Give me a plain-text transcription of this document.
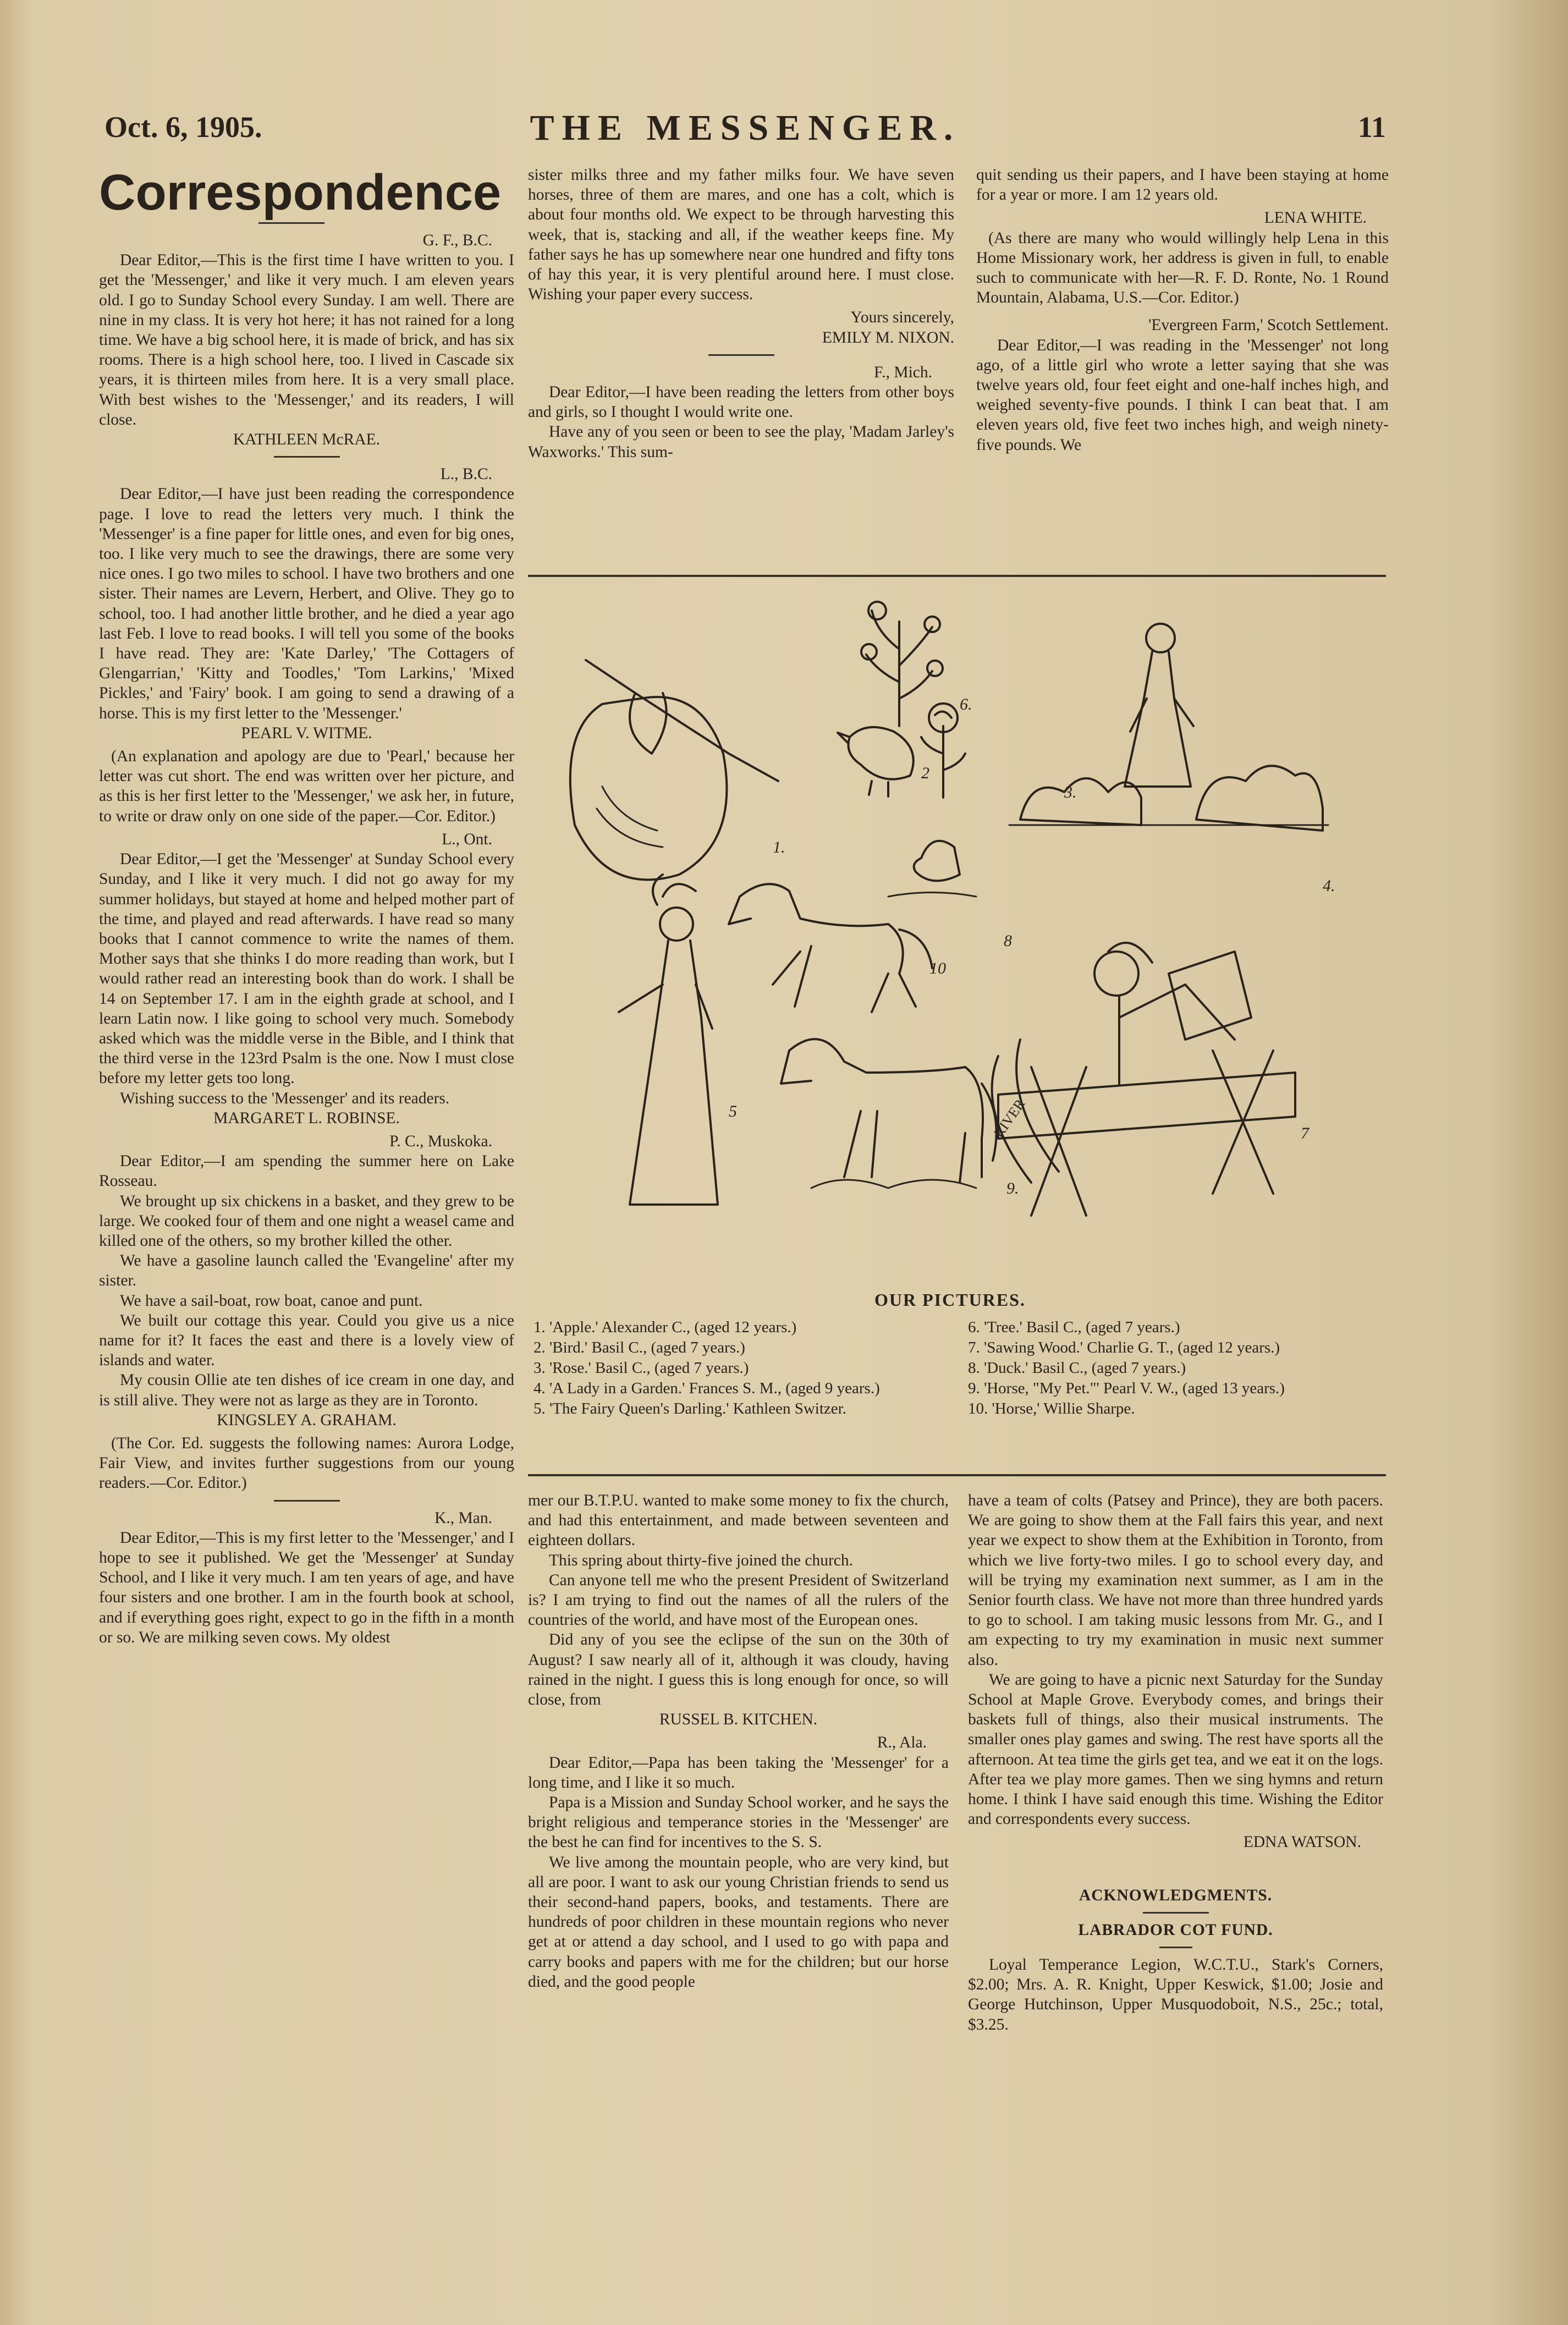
Oct. 6, 1905.	THE MESSENGER.	11
Correspondence

G. F., B.C.

Dear Editor,—This is the first time I have written to you. I get the 'Messenger,' and like it very much. I am eleven years old. I go to Sunday School every Sunday. I am well. There are nine in my class. It is very hot here; it has not rained for a long time. We have a big school here, it is made of brick, and has six rooms. There is a high school here, too. I lived in Cascade six years, it is thirteen miles from here. It is a very small place. With best wishes to the 'Messenger,' and its readers, I will close.

KATHLEEN McRAE.

L., B.C.

Dear Editor,—I have just been reading the correspondence page. I love to read the letters very much. I think the 'Messenger' is a fine paper for little ones, and even for big ones, too. I like very much to see the drawings, there are some very nice ones. I go two miles to school. I have two brothers and one sister. Their names are Levern, Herbert, and Olive. They go to school, too. I had another little brother, and he died a year ago last Feb. I love to read books. I will tell you some of the books I have read. They are: 'Kate Darley,' 'The Cottagers of Glengarrian,' 'Kitty and Toodles,' 'Tom Larkins,' 'Mixed Pickles,' and 'Fairy' book. I am going to send a drawing of a horse. This is my first letter to the 'Messenger.'

PEARL V. WITME.

(An explanation and apology are due to 'Pearl,' because her letter was cut short. The end was written over her picture, and as this is her first letter to the 'Messenger,' we ask her, in future, to write or draw only on one side of the paper.—Cor. Editor.)

L., Ont.

Dear Editor,—I get the 'Messenger' at Sunday School every Sunday, and I like it very much. I did not go away for my summer holidays, but stayed at home and helped mother part of the time, and played and read afterwards. I have read so many books that I cannot commence to write the names of them. Mother says that she thinks I do more reading than work, but I would rather read an interesting book than do work. I shall be 14 on September 17. I am in the eighth grade at school, and I learn Latin now. I like going to school very much. Somebody asked which was the middle verse in the Bible, and I think that the third verse in the 123rd Psalm is the one. Now I must close before my letter gets too long.

Wishing success to the 'Messenger' and its readers.

MARGARET L. ROBINSE.

P. C., Muskoka.

Dear Editor,—I am spending the summer here on Lake Rosseau.

We brought up six chickens in a basket, and they grew to be large. We cooked four of them and one night a weasel came and killed one of the others, so my brother killed the other.

We have a gasoline launch called the 'Evangeline' after my sister.

We have a sail-boat, row boat, canoe and punt.

We built our cottage this year. Could you give us a nice name for it? It faces the east and there is a lovely view of islands and water.

My cousin Ollie ate ten dishes of ice cream in one day, and is still alive. They were not as large as they are in Toronto.

KINGSLEY A. GRAHAM.

(The Cor. Ed. suggests the following names: Aurora Lodge, Fair View, and invites further suggestions from our young readers.—Cor. Editor.)

K., Man.

Dear Editor,—This is my first letter to the 'Messenger,' and I hope to see it published. We get the 'Messenger' at Sunday School, and I like it very much. I am ten years of age, and have four sisters and one brother. I am in the fourth book at school, and if everything goes right, expect to go in the fifth in a month or so. We are milking seven cows. My oldest

sister milks three and my father milks four. We have seven horses, three of them are mares, and one has a colt, which is about four months old. We expect to be through harvesting this week, that is, stacking and all, if the weather keeps fine. My father says he has up somewhere near one hundred and fifty tons of hay this year, it is very plentiful around here. I must close. Wishing your paper every success.

Yours sincerely,

EMILY M. NIXON.

F., Mich.

Dear Editor,—I have been reading the letters from other boys and girls, so I thought I would write one.

Have any of you seen or been to see the play, 'Madam Jarley's Waxworks.' This sum-

quit sending us their papers, and I have been staying at home for a year or more. I am 12 years old.

LENA WHITE.

(As there are many who would willingly help Lena in this Home Missionary work, her address is given in full, to enable such to communicate with her—R. F. D. Ronte, No. 1 Round Mountain, Alabama, U.S.—Cor. Editor.)

'Evergreen Farm,' Scotch Settlement.

Dear Editor,—I was reading in the 'Messenger' not long ago, of a little girl who wrote a letter saying that she was twelve years old, four feet eight and one-half inches high, and weighed seventy-five pounds. I think I can beat that. I am eleven years old, five feet two inches high, and weigh ninety-five pounds. We

1.
2
3.
4.
5
6.
7
8
9.
10
RIVER
OUR PICTURES.
1. 'Apple.' Alexander C., (aged 12 years.)
2. 'Bird.' Basil C., (aged 7 years.)
3. 'Rose.' Basil C., (aged 7 years.)
4. 'A Lady in a Garden.' Frances S. M., (aged 9 years.)
5. 'The Fairy Queen's Darling.' Kathleen Switzer.
6. 'Tree.' Basil C., (aged 7 years.)
7. 'Sawing Wood.' Charlie G. T., (aged 12 years.)
8. 'Duck.' Basil C., (aged 7 years.)
9. 'Horse, "My Pet."' Pearl V. W., (aged 13 years.)
10. 'Horse,' Willie Sharpe.

mer our B.T.P.U. wanted to make some money to fix the church, and had this entertainment, and made between seventeen and eighteen dollars.

This spring about thirty-five joined the church.

Can anyone tell me who the present President of Switzerland is? I am trying to find out the names of all the rulers of the countries of the world, and have most of the European ones.

Did any of you see the eclipse of the sun on the 30th of August? I saw nearly all of it, although it was cloudy, having rained in the night. I guess this is long enough for once, so will close, from

RUSSEL B. KITCHEN.

R., Ala.

Dear Editor,—Papa has been taking the 'Messenger' for a long time, and I like it so much.

Papa is a Mission and Sunday School worker, and he says the bright religious and temperance stories in the 'Messenger' are the best he can find for incentives to the S. S.

We live among the mountain people, who are very kind, but all are poor. I want to ask our young Christian friends to send us their second-hand papers, books, and testaments. There are hundreds of poor children in these mountain regions who never get at or attend a day school, and I used to go with papa and carry books and papers with me for the children; but our horse died, and the good people

have a team of colts (Patsey and Prince), they are both pacers. We are going to show them at the Fall fairs this year, and next year we expect to show them at the Exhibition in Toronto, from which we live forty-two miles. I go to school every day, and will be trying my examination next summer, as I am in the Senior fourth class. We have not more than three hundred yards to go to school. I am taking music lessons from Mr. G., and I am expecting to try my examination in music next summer also.

We are going to have a picnic next Saturday for the Sunday School at Maple Grove. Everybody comes, and brings their baskets full of things, also their musical instruments. The smaller ones play games and swing. The rest have sports all the afternoon. At tea time the girls get tea, and we eat it on the logs. After tea we play more games. Then we sing hymns and return home. I think I have said enough this time. Wishing the Editor and correspondents every success.

EDNA WATSON.

ACKNOWLEDGMENTS.

LABRADOR COT FUND.

Loyal Temperance Legion, W.C.T.U., Stark's Corners, $2.00; Mrs. A. R. Knight, Upper Keswick, $1.00; Josie and George Hutchinson, Upper Musquodoboit, N.S., 25c.; total, $3.25.
